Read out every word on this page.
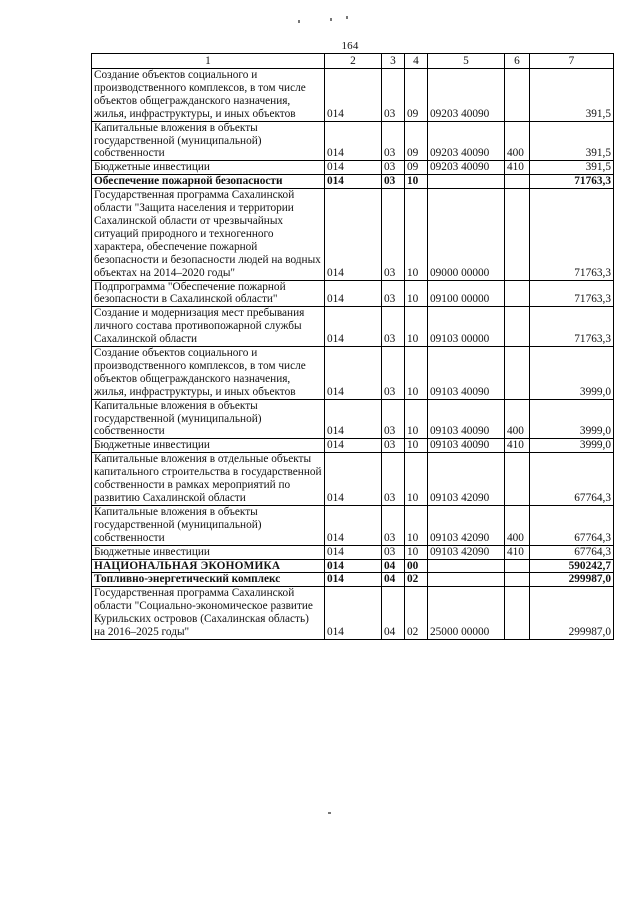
164
1	2	3	4	5	6	7
Создание объектов социального и производственного комплексов, в том числе объектов общегражданского назначения, жилья, инфраструктуры, и иных объектов	014	03	09	09203 40090		391,5
Капитальные вложения в объекты государственной (муниципальной) собственности	014	03	09	09203 40090	400	391,5
Бюджетные инвестиции	014	03	09	09203 40090	410	391,5
Обеспечение пожарной безопасности	014	03	10			71763,3
Государственная программа Сахалинской области "Защита населения и территории Сахалинской области от чрезвычайных ситуаций природного и техногенного характера, обеспечение пожарной безопасности и безопасности людей на водных объектах на 2014–2020 годы"	014	03	10	09000 00000		71763,3
Подпрограмма "Обеспечение пожарной безопасности в Сахалинской области"	014	03	10	09100 00000		71763,3
Создание и модернизация мест пребывания личного состава противопожарной службы Сахалинской области	014	03	10	09103 00000		71763,3
Создание объектов социального и производственного комплексов, в том числе объектов общегражданского назначения, жилья, инфраструктуры, и иных объектов	014	03	10	09103 40090		3999,0
Капитальные вложения в объекты государственной (муниципальной) собственности	014	03	10	09103 40090	400	3999,0
Бюджетные инвестиции	014	03	10	09103 40090	410	3999,0
Капитальные вложения в отдельные объекты капитального строительства в государственной собственности в рамках мероприятий по развитию Сахалинской области	014	03	10	09103 42090		67764,3
Капитальные вложения в объекты государственной (муниципальной) собственности	014	03	10	09103 42090	400	67764,3
Бюджетные инвестиции	014	03	10	09103 42090	410	67764,3
НАЦИОНАЛЬНАЯ ЭКОНОМИКА	014	04	00			590242,7
Топливно-энергетический комплекс	014	04	02			299987,0
Государственная программа Сахалинской области "Социально-экономическое развитие Курильских островов (Сахалинская область) на 2016–2025 годы"	014	04	02	25000 00000		299987,0
